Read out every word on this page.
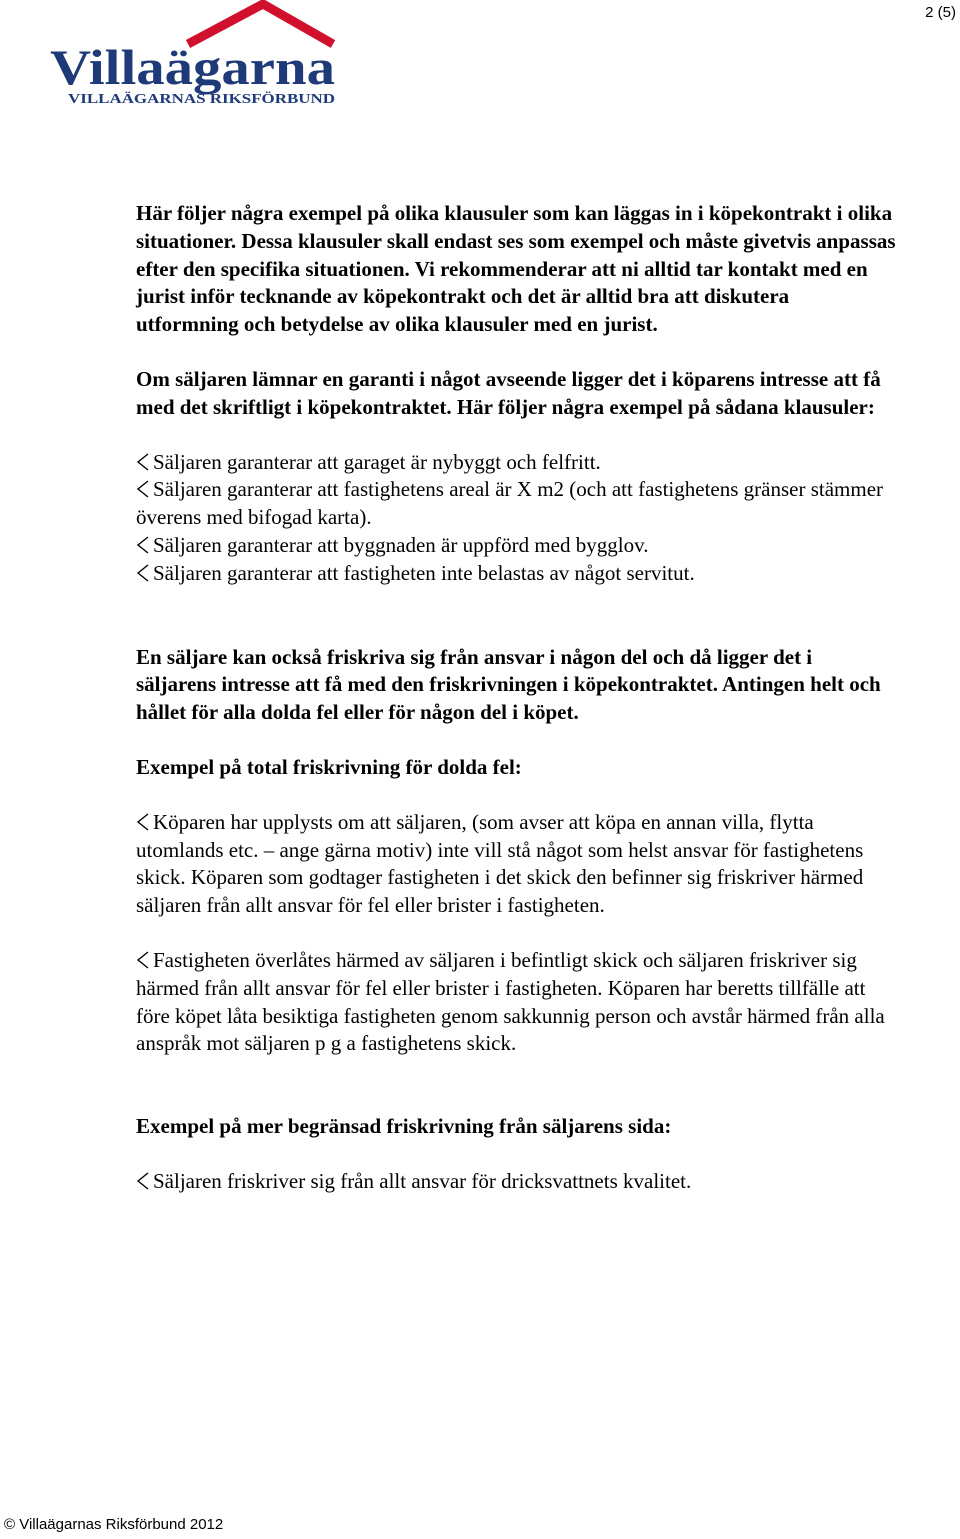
2 (5)
Villaägarna
VILLAÄGARNAS RIKSFÖRBUND

Här följer några exempel på olika klausuler som kan läggas in i köpekontrakt i olika situationer. Dessa klausuler skall endast ses som exempel och måste givetvis anpassas efter den specifika situationen. Vi rekommenderar att ni alltid tar kontakt med en jurist inför tecknande av köpekontrakt och det är alltid bra att diskutera utformning och betydelse av olika klausuler med en jurist.

Om säljaren lämnar en garanti i något avseende ligger det i köparens intresse att få med det skriftligt i köpekontraktet. Här följer några exempel på sådana klausuler:

Säljaren garanterar att garaget är nybyggt och felfritt.

Säljaren garanterar att fastighetens areal är X m2 (och att fastighetens gränser stämmer överens med bifogad karta).

Säljaren garanterar att byggnaden är uppförd med bygglov.

Säljaren garanterar att fastigheten inte belastas av något servitut.

En säljare kan också friskriva sig från ansvar i någon del och då ligger det i säljarens intresse att få med den friskrivningen i köpekontraktet. Antingen helt och hållet för alla dolda fel eller för någon del i köpet.

Exempel på total friskrivning för dolda fel:

Köparen har upplysts om att säljaren, (som avser att köpa en annan villa, flytta utomlands etc. – ange gärna motiv) inte vill stå något som helst ansvar för fastighetens skick. Köparen som godtager fastigheten i det skick den befinner sig friskriver härmed säljaren från allt ansvar för fel eller brister i fastigheten.

Fastigheten överlåtes härmed av säljaren i befintligt skick och säljaren friskriver sig härmed från allt ansvar för fel eller brister i fastigheten. Köparen har beretts tillfälle att före köpet låta besiktiga fastigheten genom sakkunnig person och avstår härmed från alla anspråk mot säljaren p g a fastighetens skick.

Exempel på mer begränsad friskrivning från säljarens sida:

Säljaren friskriver sig från allt ansvar för dricksvattnets kvalitet.

© Villaägarnas Riksförbund 2012
